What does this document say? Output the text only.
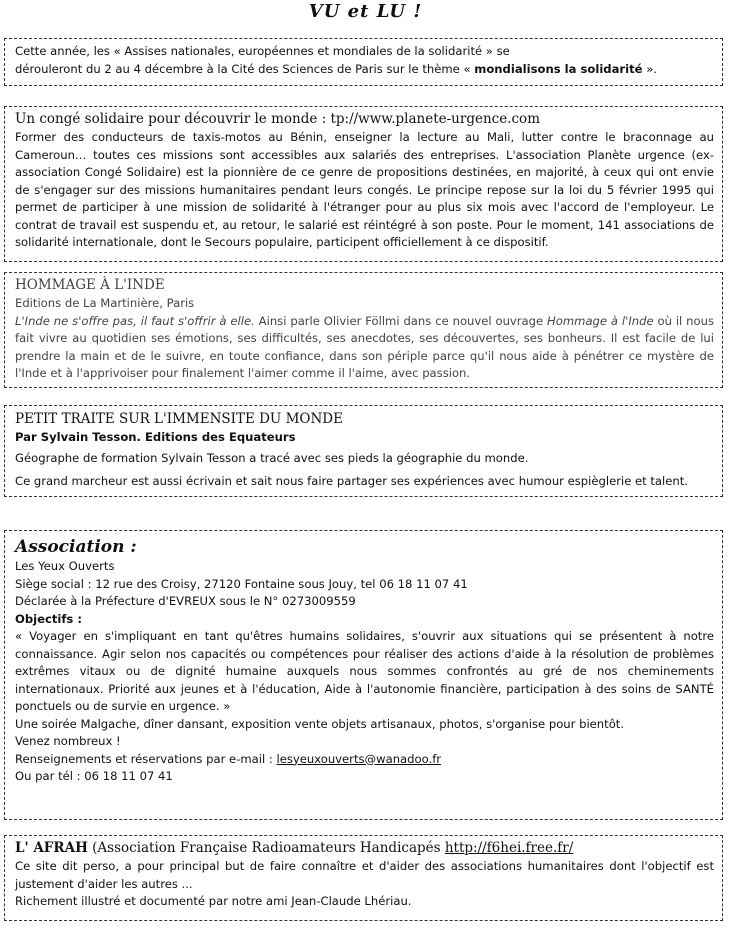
VU et LU !

Cette année, les « Assises nationales, européennes et mondiales de la solidarité » se

dérouleront du 2 au 4 décembre à la Cité des Sciences de Paris sur le thème « mondialisons la solidarité ».

Un congé solidaire pour découvrir le monde : tp://www.planete-urgence.com

Former des conducteurs de taxis-motos au Bénin, enseigner la lecture au Mali, lutter contre le braconnage au Cameroun… toutes ces missions sont accessibles aux salariés des entreprises. L'association Planète urgence (ex-association Congé Solidaire) est la pionnière de ce genre de propositions destinées, en majorité, à ceux qui ont envie de s'engager sur des missions humanitaires pendant leurs congés. Le principe repose sur la loi du 5 février 1995 qui permet de participer à une mission de solidarité à l'étranger pour au plus six mois avec l'accord de l'employeur. Le contrat de travail est suspendu et, au retour, le salarié est réintégré à son poste. Pour le moment, 141 associations de solidarité internationale, dont le Secours populaire, participent officiellement à ce dispositif.

HOMMAGE À L'INDE

Editions de La Martinière, Paris

L'Inde ne s'offre pas, il faut s'offrir à elle. Ainsi parle Olivier Föllmi dans ce nouvel ouvrage Hommage à l'Inde où il nous fait vivre au quotidien ses émotions, ses difficultés, ses anecdotes, ses découvertes, ses bonheurs. Il est facile de lui prendre la main et de le suivre, en toute confiance, dans son périple parce qu'il nous aide à pénétrer ce mystère de l'Inde et à l'apprivoiser pour finalement l'aimer comme il l'aime, avec passion.

PETIT TRAITE SUR L'IMMENSITE DU MONDE

Par Sylvain Tesson. Editions des Equateurs

Géographe de formation Sylvain Tesson a tracé avec ses pieds la géographie du monde.

Ce grand marcheur est aussi écrivain et sait nous faire partager ses expériences avec humour espièglerie et talent.

Association :

Les Yeux Ouverts

Siège social : 12 rue des Croisy, 27120 Fontaine sous Jouy, tel 06 18 11 07 41

Déclarée à la Préfecture d'EVREUX sous le N° 0273009559

Objectifs :

« Voyager en s'impliquant en tant qu'êtres humains solidaires, s'ouvrir aux situations qui se présentent à notre connaissance. Agir selon nos capacités ou compétences pour réaliser des actions d'aide à la résolution de problèmes extrêmes vitaux ou de dignité humaine auxquels nous sommes confrontés au gré de nos cheminements internationaux. Priorité aux jeunes et à l'éducation, Aide à l'autonomie financière, participation à des soins de SANTÉ ponctuels ou de survie en urgence. »

Une soirée Malgache, dîner dansant, exposition vente objets artisanaux, photos, s'organise pour bientôt.

Venez nombreux !

Renseignements et réservations par e-mail : lesyeuxouverts@wanadoo.fr

Ou par tél : 06 18 11 07 41

L' AFRAH (Association Française Radioamateurs Handicapés http://f6hei.free.fr/

Ce site dit perso, a pour principal but de faire connaître et d'aider des associations humanitaires dont l'objectif est justement d'aider les autres ...

Richement illustré et documenté par notre ami Jean-Claude Lhériau.
